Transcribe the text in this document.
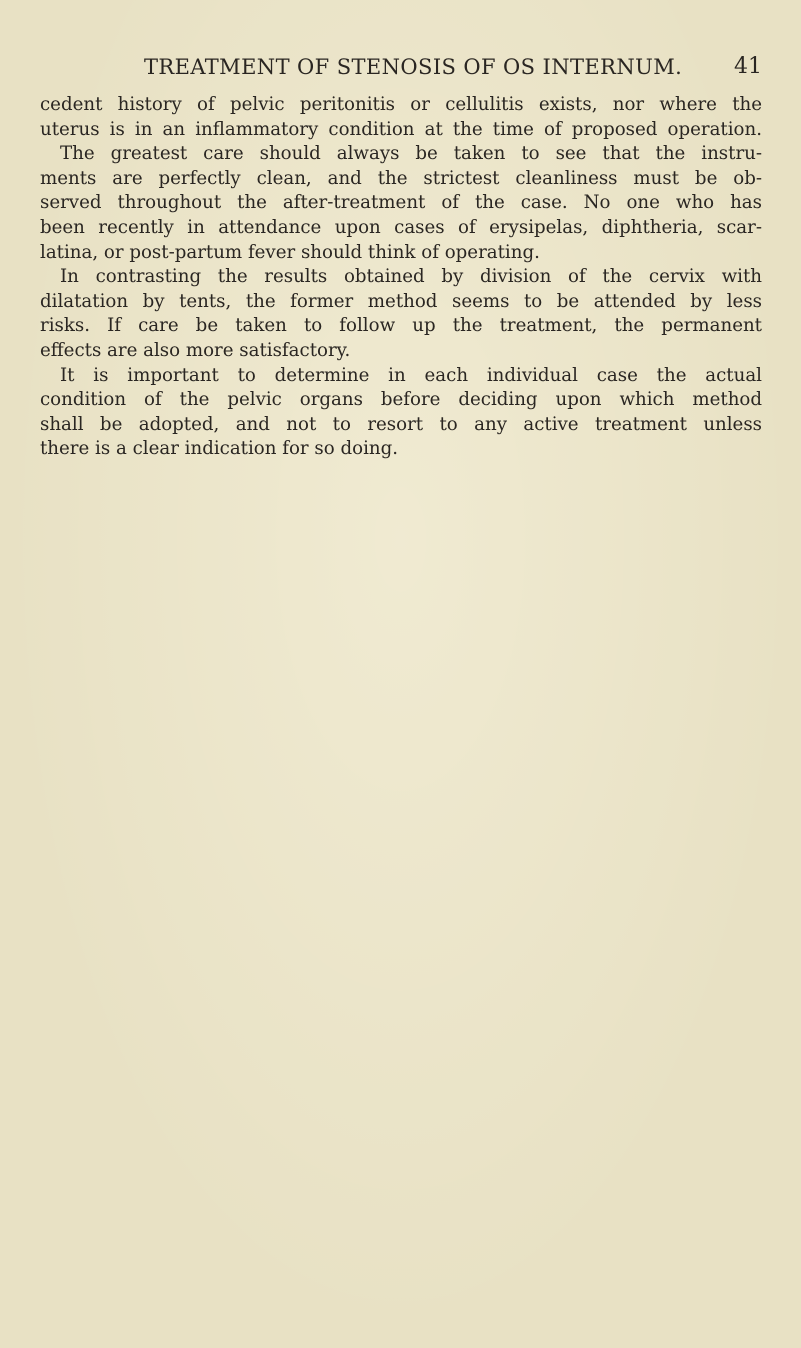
TREATMENT OF STENOSIS OF OS INTERNUM. 41
cedent history of pelvic peritonitis or cellulitis exists, nor where the
uterus is in an inflammatory condition at the time of proposed operation.
The greatest care should always be taken to see that the instru-
ments are perfectly clean, and the strictest cleanliness must be ob-
served throughout the after-treatment of the case. No one who has
been recently in attendance upon cases of erysipelas, diphtheria, scar-
latina, or post-partum fever should think of operating.
In contrasting the results obtained by division of the cervix with
dilatation by tents, the former method seems to be attended by less
risks. If care be taken to follow up the treatment, the permanent
effects are also more satisfactory.
It is important to determine in each individual case the actual
condition of the pelvic organs before deciding upon which method
shall be adopted, and not to resort to any active treatment unless
there is a clear indication for so doing.
